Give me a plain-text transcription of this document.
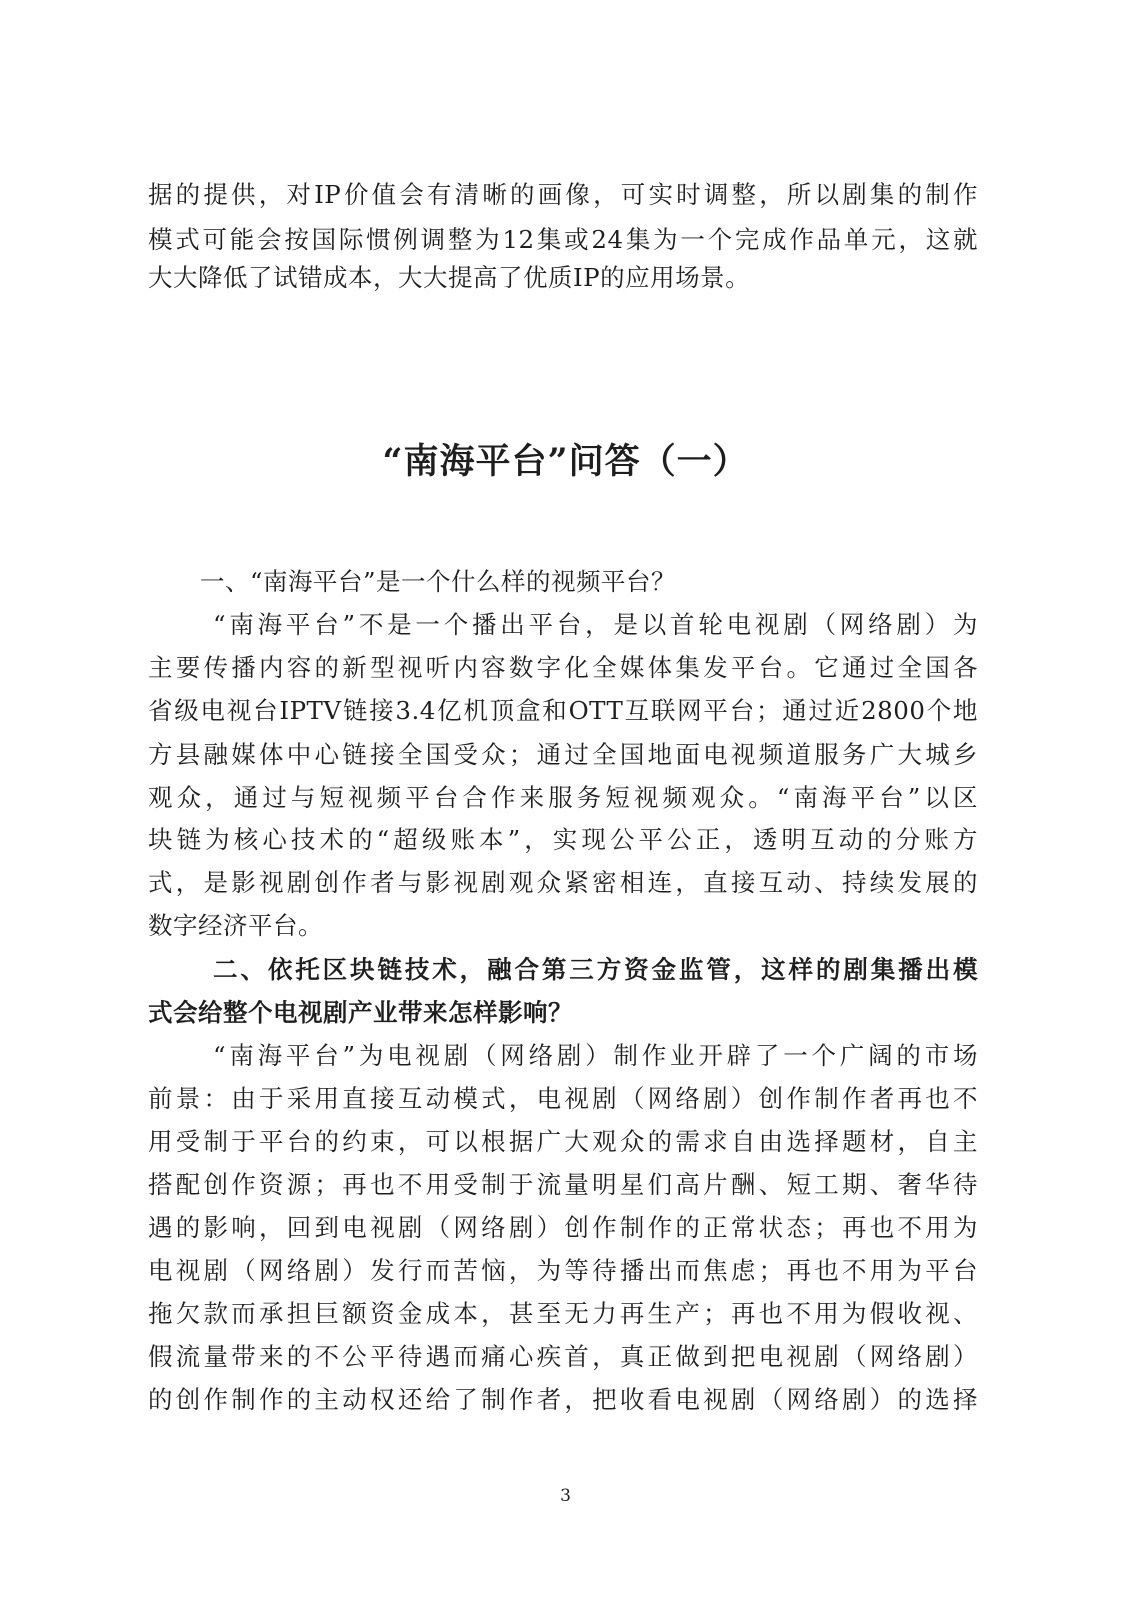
据的提供，对IP价值会有清晰的画像，可实时调整，所以剧集的制作
模式可能会按国际惯例调整为12集或24集为一个完成作品单元，这就
大大降低了试错成本，大大提高了优质IP的应用场景。
“南海平台”问答（一）
一、“南海平台”是一个什么样的视频平台？
“南海平台”不是一个播出平台，是以首轮电视剧（网络剧）为
主要传播内容的新型视听内容数字化全媒体集发平台。它通过全国各
省级电视台IPTV链接3.4亿机顶盒和OTT互联网平台；通过近2800个地
方县融媒体中心链接全国受众；通过全国地面电视频道服务广大城乡
观众，通过与短视频平台合作来服务短视频观众。“南海平台”以区
块链为核心技术的“超级账本”，实现公平公正，透明互动的分账方
式，是影视剧创作者与影视剧观众紧密相连，直接互动、持续发展的
数字经济平台。
二、依托区块链技术，融合第三方资金监管，这样的剧集播出模
式会给整个电视剧产业带来怎样影响？
“南海平台”为电视剧（网络剧）制作业开辟了一个广阔的市场
前景：由于采用直接互动模式，电视剧（网络剧）创作制作者再也不
用受制于平台的约束，可以根据广大观众的需求自由选择题材，自主
搭配创作资源；再也不用受制于流量明星们高片酬、短工期、奢华待
遇的影响，回到电视剧（网络剧）创作制作的正常状态；再也不用为
电视剧（网络剧）发行而苦恼，为等待播出而焦虑；再也不用为平台
拖欠款而承担巨额资金成本，甚至无力再生产；再也不用为假收视、
假流量带来的不公平待遇而痛心疾首，真正做到把电视剧（网络剧）
的创作制作的主动权还给了制作者，把收看电视剧（网络剧）的选择
3
